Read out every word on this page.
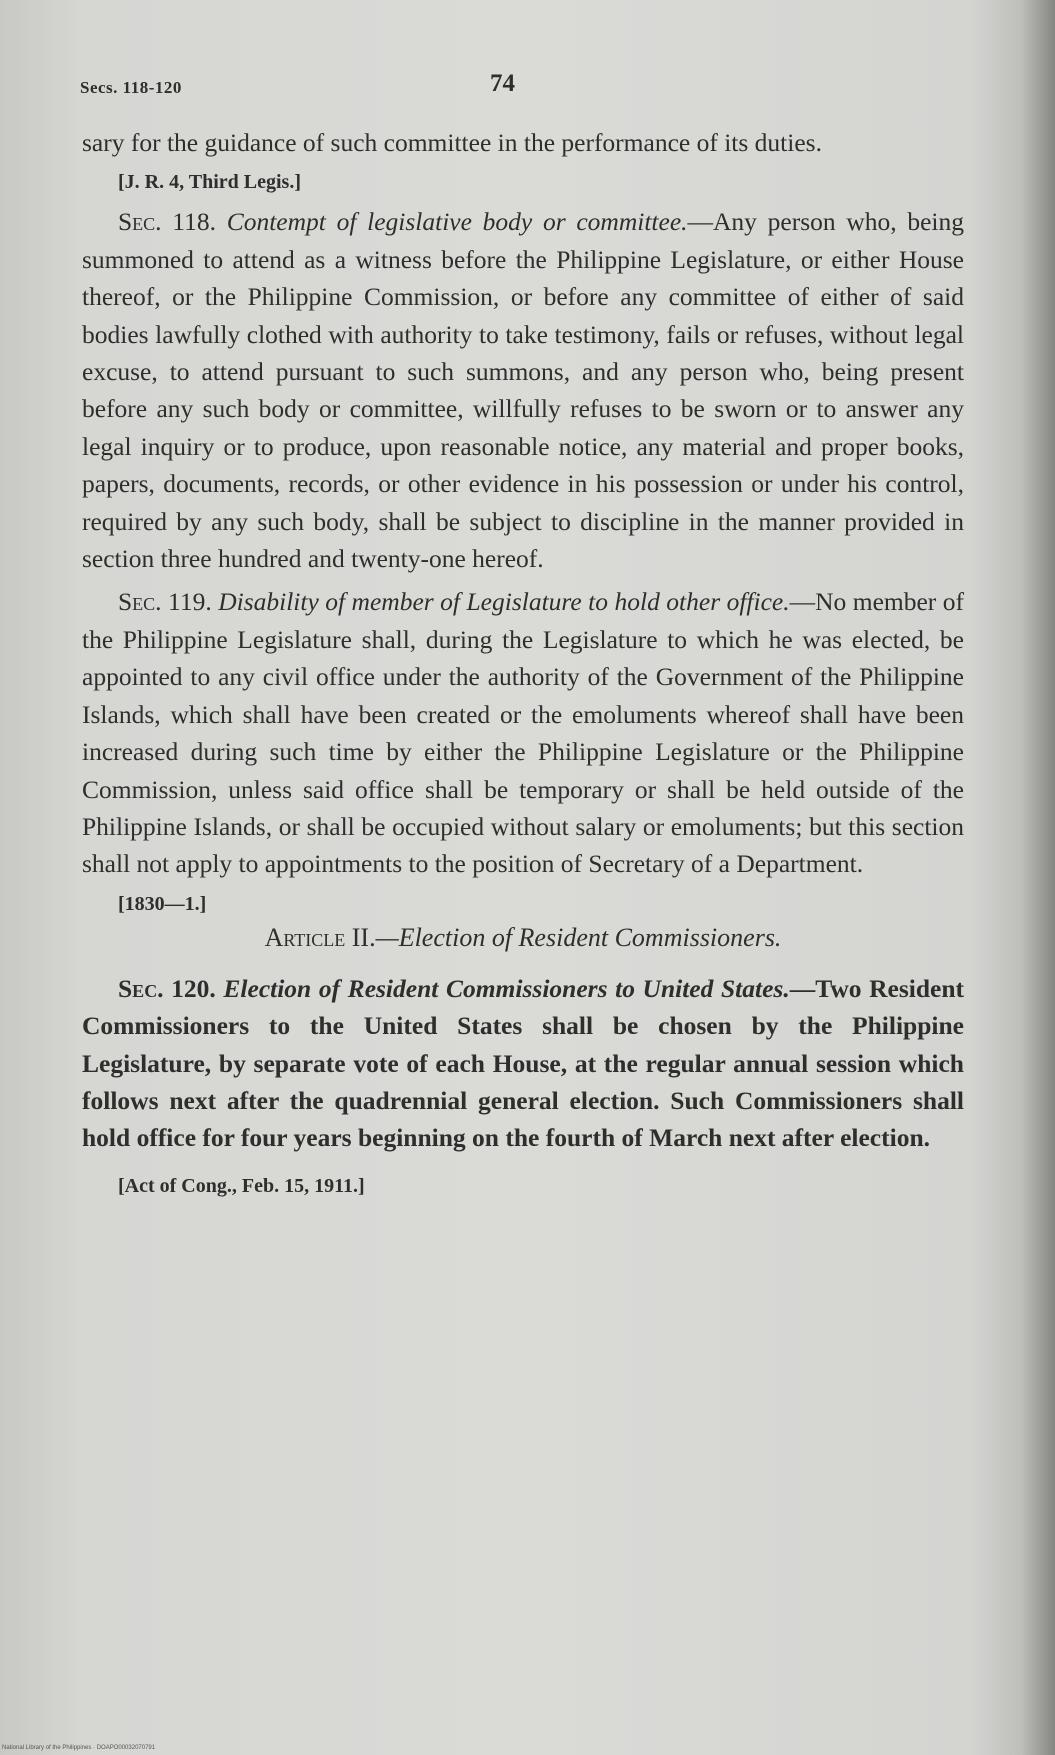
Secs. 118-120	74

sary for the guidance of such committee in the performance of its duties.

[J. R. 4, Third Legis.]

Sec. 118. Contempt of legislative body or committee.—Any person who, being summoned to attend as a witness before the Philippine Legislature, or either House thereof, or the Philippine Commission, or before any committee of either of said bodies lawfully clothed with authority to take testimony, fails or refuses, without legal excuse, to attend pursuant to such summons, and any person who, being present before any such body or committee, willfully refuses to be sworn or to answer any legal inquiry or to produce, upon reasonable notice, any material and proper books, papers, documents, records, or other evidence in his possession or under his control, required by any such body, shall be subject to discipline in the manner provided in section three hundred and twenty-one hereof.

Sec. 119. Disability of member of Legislature to hold other office.—No member of the Philippine Legislature shall, during the Legislature to which he was elected, be appointed to any civil office under the authority of the Government of the Philippine Islands, which shall have been created or the emoluments whereof shall have been increased during such time by either the Philippine Legislature or the Philippine Commission, unless said office shall be temporary or shall be held outside of the Philippine Islands, or shall be occupied without salary or emoluments; but this section shall not apply to appointments to the position of Secretary of a Department.

[1830—1.]
Article II.—Election of Resident Commissioners.

Sec. 120. Election of Resident Commissioners to United States.—Two Resident Commissioners to the United States shall be chosen by the Philippine Legislature, by separate vote of each House, at the regular annual session which follows next after the quadrennial general election. Such Commissioners shall hold office for four years beginning on the fourth of March next after election.

[Act of Cong., Feb. 15, 1911.]
National Library of the Philippines · DOAPO00032070791
